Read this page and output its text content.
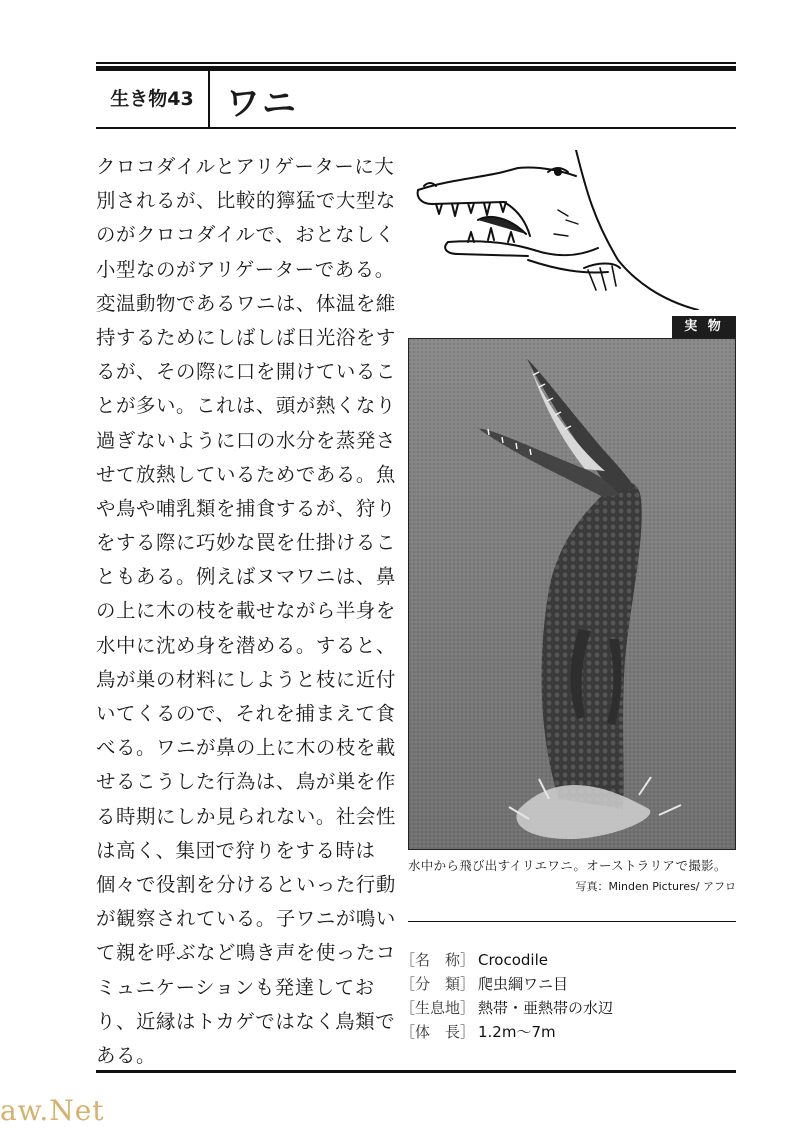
生き物43 ワニ
クロコダイルとアリゲーターに大
別されるが、比較的獰猛で大型な
のがクロコダイルで、おとなしく
小型なのがアリゲーターである。
変温動物であるワニは、体温を維
持するためにしばしば日光浴をす
るが、その際に口を開けているこ
とが多い。これは、頭が熱くなり
過ぎないように口の水分を蒸発さ
せて放熱しているためである。魚
や鳥や哺乳類を捕食するが、狩り
をする際に巧妙な罠を仕掛けるこ
ともある。例えばヌマワニは、鼻
の上に木の枝を載せながら半身を
水中に沈め身を潜める。すると、
鳥が巣の材料にしようと枝に近付
いてくるので、それを捕まえて食
べる。ワニが鼻の上に木の枝を載
せるこうした行為は、鳥が巣を作
る時期にしか見られない。社会性
は高く、集団で狩りをする時は
個々で役割を分けるといった行動
が観察されている。子ワニが鳴い
て親を呼ぶなど鳴き声を使ったコ
ミュニケーションも発達してお
り、近縁はトカゲではなく鳥類で
ある。
実 物
水中から飛び出すイリエワニ。オーストラリアで撮影。
写真：Minden Pictures/ アフロ
［名　称］ Crocodile
［分　類］ 爬虫綱ワニ目
［生息地］ 熱帯・亜熱帯の水辺
［体　長］ 1.2m〜7m
aw.Net
